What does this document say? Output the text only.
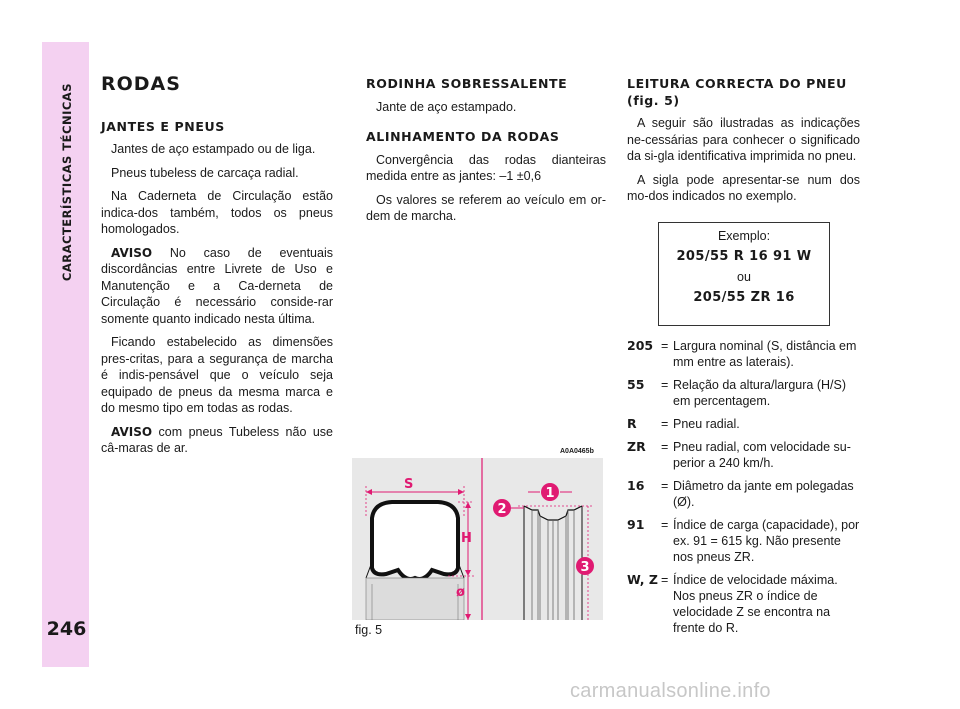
CARACTERÍSTICAS TÉCNICAS
246
RODAS
JANTES E PNEUS

Jantes de aço estampado ou de liga.

Pneus tubeless de carcaça radial.

Na Caderneta de Circulação estão indica-dos também, todos os pneus homologados.

AVISO No caso de eventuais discordâncias entre Livrete de Uso e Manutenção e a Ca-derneta de Circulação é necessário conside-rar somente quanto indicado nesta última.

Ficando estabelecido as dimensões pres-critas, para a segurança de marcha é indis-pensável que o veículo seja equipado de pneus da mesma marca e do mesmo tipo em todas as rodas.

AVISO com pneus Tubeless não use câ-maras de ar.

RODINHA SOBRESSALENTE

Jante de aço estampado.

ALINHAMENTO DA RODAS

Convergência das rodas dianteiras medida entre as jantes: –1 ±0,6

Os valores se referem ao veículo em or-dem de marcha.

LEITURA CORRECTA DO PNEU
(fig. 5)

A seguir são ilustradas as indicações ne-cessárias para conhecer o significado da si-gla identificativa imprimida no pneu.

A sigla pode apresentar-se num dos mo-dos indicados no exemplo.

Exemplo:
205/55 R 16 91 W
ou
205/55 ZR 16
205 = Largura nominal (S, distância em mm entre as laterais).
55	= Relação da altura/largura (H/S) em percentagem.
R	= Pneu radial.
ZR	= Pneu radial, com velocidade su-perior a 240 km/h.
16	= Diâmetro da jante em polegadas (Ø).
91	= Índice de carga (capacidade), por ex. 91 = 615 kg. Não presente nos pneus ZR.
W, Z = Índice de velocidade máxima. Nos pneus ZR o índice de velocidade Z se encontra na frente do R.
A0A0465b
S
H
ø
1
2
3
fig. 5
carmanualsonline.info
